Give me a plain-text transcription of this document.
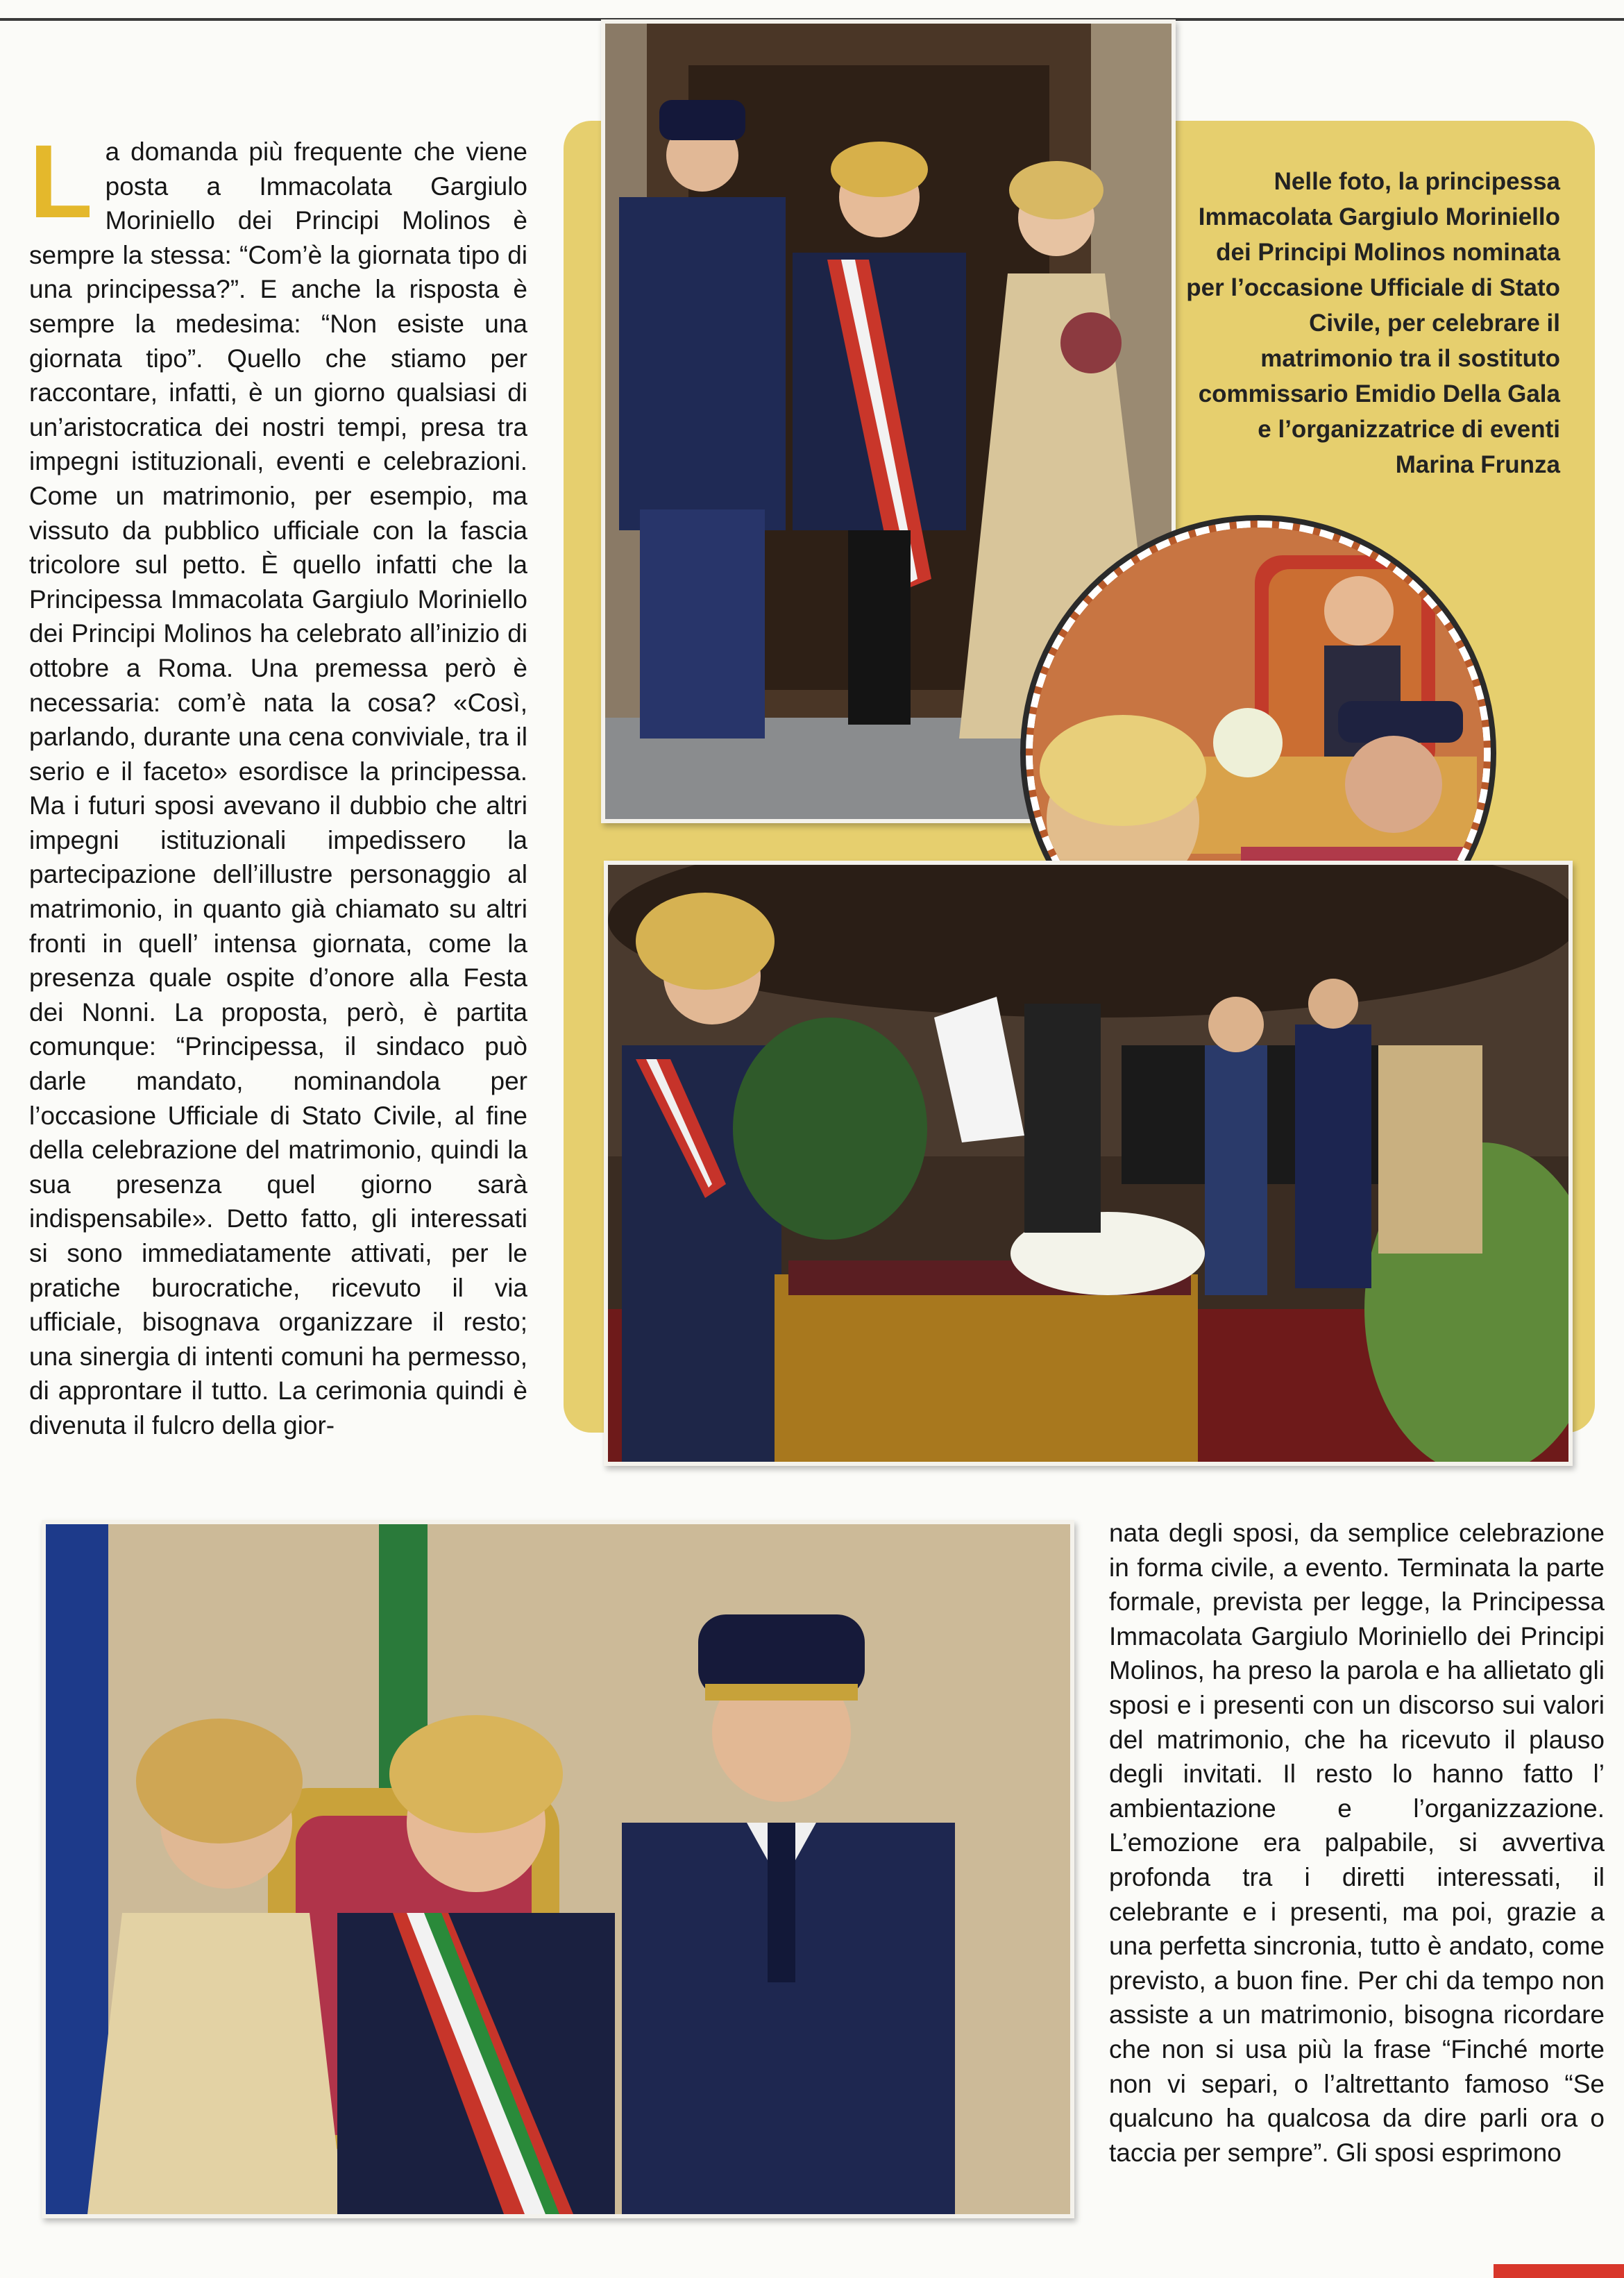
La domanda più frequente che viene posta a Immacolata Gargiulo Moriniello dei Principi Molinos è sempre la stessa: “Com’è la giornata tipo di una principessa?”. E anche la risposta è sempre la medesima: “Non esiste una giornata tipo”. Quello che stiamo per raccontare, infatti, è un giorno qualsiasi di un’aristocratica dei nostri tempi, presa tra impegni istituzionali, eventi e celebrazioni. Come un matrimonio, per esempio, ma vissuto da pubblico ufficiale con la fascia tricolore sul petto. È quello infatti che la Principessa Immacolata Gargiulo Moriniello dei Principi Molinos ha celebrato all’inizio di ottobre a Roma. Una premessa però è necessaria: com’è nata la cosa? «Così, parlando, durante una cena conviviale, tra il serio e il faceto» esordisce la principessa. Ma i futuri sposi avevano il dubbio che altri impegni istituzionali impedissero la partecipazione dell’illustre personaggio al matrimonio, in quanto già chiamato su altri fronti in quell’ intensa giornata, come la presenza quale ospite d’onore alla Festa dei Nonni. La proposta, però, è partita comunque: “Principessa, il sindaco può darle mandato, nominandola per l’occasione Ufficiale di Stato Civile, al fine della celebrazione del matrimonio, quindi la sua presenza quel giorno sarà indispensabile». Detto fatto, gli interessati si sono immediatamente attivati, per le pratiche burocratiche, ricevuto il via ufficiale, bisognava organizzare il resto; una sinergia di intenti comuni ha permesso, di approntare il tutto. La cerimonia quindi è divenuta il fulcro della gior-
Nelle foto, la principessa Immacolata Gargiulo Moriniello dei Principi Molinos nominata per l’occasione Ufficiale di Stato Civile, per celebrare il matrimonio tra il sostituto commissario Emidio Della Gala e l’organizzatrice di eventi Marina Frunza
nata degli sposi, da semplice celebrazione in forma civile, a evento. Terminata la parte formale, prevista per legge, la Principessa Immacolata Gargiulo Moriniello dei Principi Molinos, ha preso la parola e ha allietato gli sposi e i presenti con un discorso sui valori del matrimonio, che ha ricevuto il plauso degli invitati. Il resto lo hanno fatto l’ ambientazione e l’organizzazione. L’emozione era palpabile, si avvertiva profonda tra i diretti interessati, il celebrante e i presenti, ma poi, grazie a una perfetta sincronia, tutto è andato, come previsto, a buon fine. Per chi da tempo non assiste a un matrimonio, bisogna ricordare che non si usa più la frase “Finché morte non vi separi, o l’altrettanto famoso “Se qualcuno ha qualcosa da dire parli ora o taccia per sempre”. Gli sposi esprimono
